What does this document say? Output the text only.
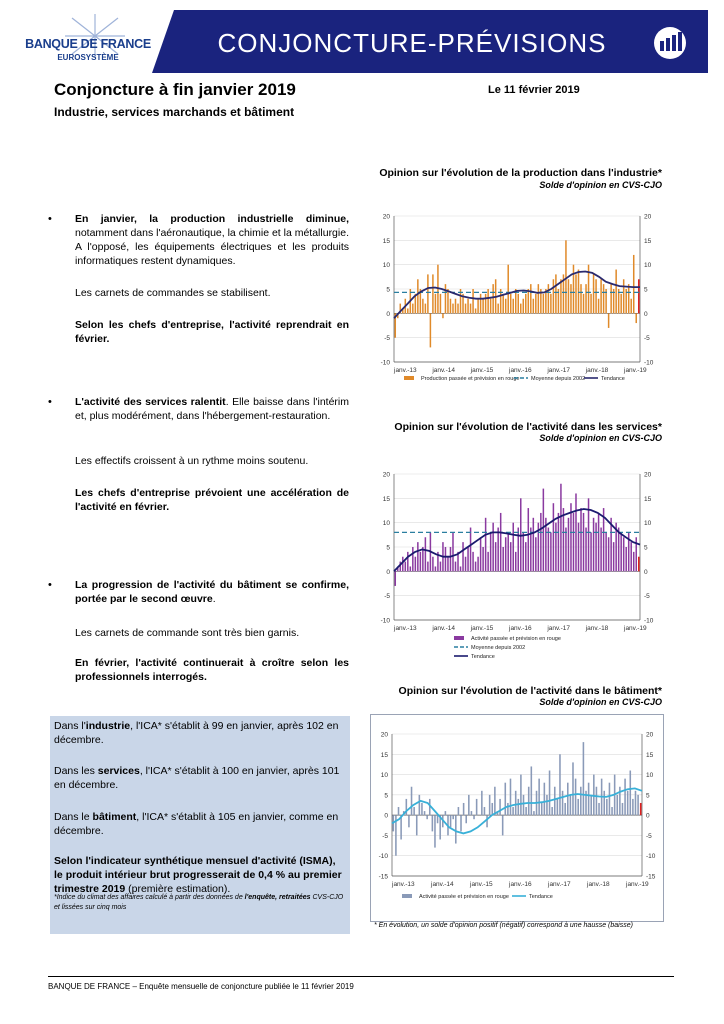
BANQUE DE FRANCE
EUROSYSTÈME	CONJONCTURE-PRÉVISIONS
Conjoncture à fin janvier 2019	Le 11 février 2019
Industrie, services marchands et bâtiment
• En janvier, la production industrielle diminue, notamment dans l'aéronautique, la chimie et la métallurgie. A l'opposé, les équipements électriques et les produits informatiques restent dynamiques.
Les carnets de commandes se stabilisent.
Selon les chefs d'entreprise, l'activité reprendrait en février.
• L'activité des services ralentit. Elle baisse dans l'intérim et, plus modérément, dans l'hébergement-restauration.
Les effectifs croissent à un rythme moins soutenu.
Les chefs d'entreprise prévoient une accélération de l'activité en février.
• La progression de l'activité du bâtiment se confirme, portée par le second œuvre.
Les carnets de commande sont très bien garnis.
En février, l'activité continuerait à croître selon les professionnels interrogés.
Dans l'industrie, l'ICA* s'établit à 99 en janvier, après 102 en décembre.
Dans les services, l'ICA* s'établit à 100 en janvier, après 101 en décembre.
Dans le bâtiment, l'ICA* s'établit à 105 en janvier, comme en décembre.
Selon l'indicateur synthétique mensuel d'activité (ISMA), le produit intérieur brut progresserait de 0,4 % au premier trimestre 2019 (première estimation).
*Indice du climat des affaires calculé à partir des données de l'enquête, retraitées CVS-CJO et lissées sur cinq mois
Opinion sur l'évolution de la production dans l'industrie*
Solde d'opinion en CVS-CJO
-10	-10
-5	-5
0	0
5	5
10	10
15	15
20	20
janv.-13 janv.-14 janv.-15 janv.-16 janv.-17 janv.-18 janv.-19
Production passée et prévision en rouge Moyenne depuis 2002	Tendance
Opinion sur l'évolution de l'activité dans les services*
Solde d'opinion en CVS-CJO
-10	-10
-5	-5
0	0
5	5
10	10
15	15
20	20
janv.-13 janv.-14 janv.-15 janv.-16 janv.-17 janv.-18 janv.-19
Activité passée et prévision en rouge
Moyenne depuis 2002
Tendance
Opinion sur l'évolution de l'activité dans le bâtiment*
Solde d'opinion en CVS-CJO
-15	-15
-10	-10
-5	-5
0	0
5	5
10	10
15	15
20	20
janv.-13	janv.-14	janv.-15	janv.-16	janv.-17	janv.-18	janv.-19
Activité passée et prévision en rouge	Tendance
* En évolution, un solde d'opinion positif (négatif) correspond à une hausse (baisse)
BANQUE DE FRANCE – Enquête mensuelle de conjoncture publiée le 11 février 2019
